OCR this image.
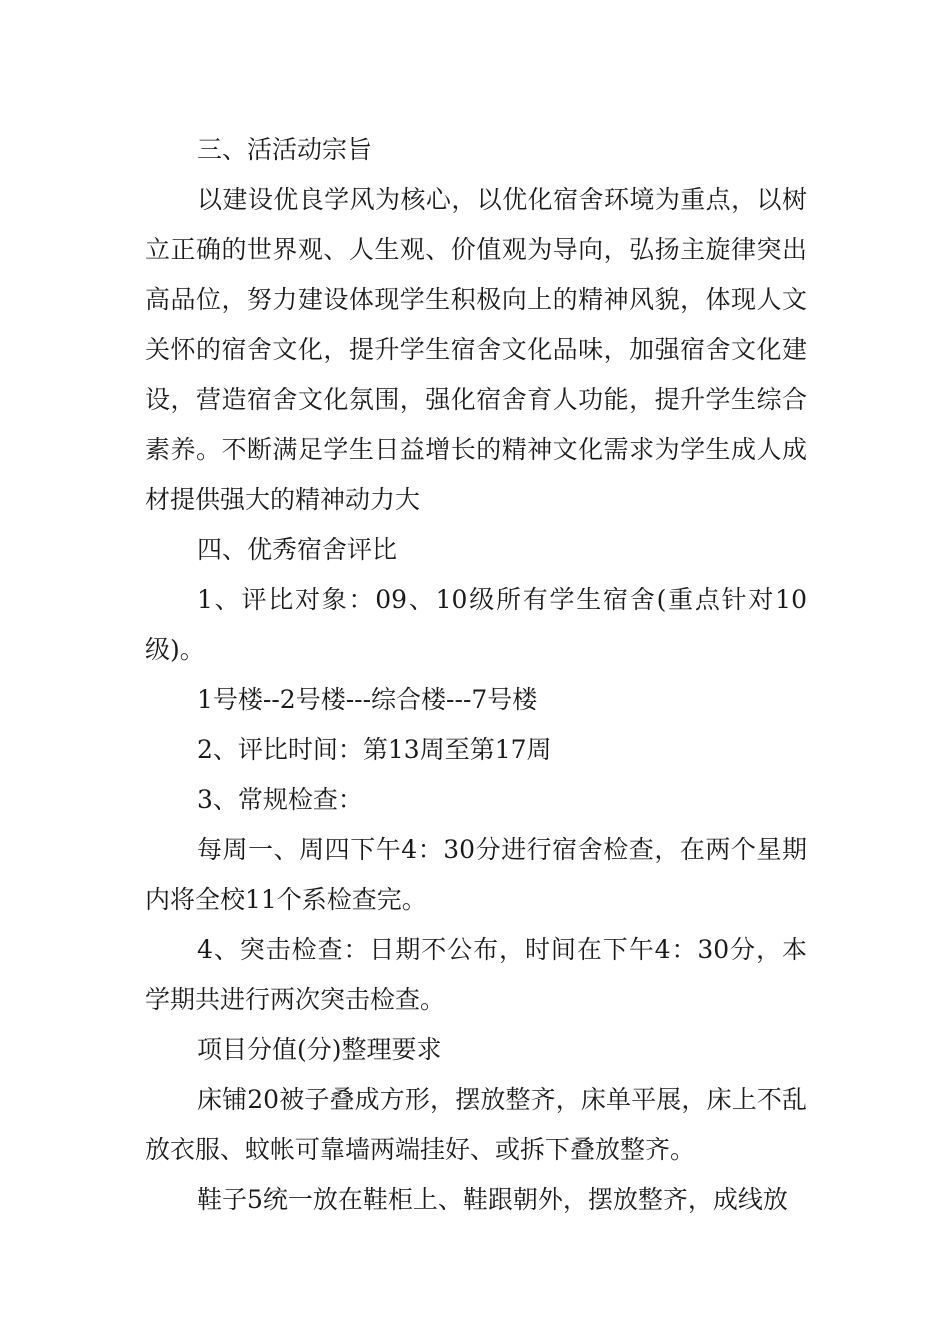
三、活活动宗旨

以建设优良学风为核心，以优化宿舍环境为重点，以树立正确的世界观、人生观、价值观为导向，弘扬主旋律突出高品位，努力建设体现学生积极向上的精神风貌，体现人文关怀的宿舍文化，提升学生宿舍文化品味，加强宿舍文化建设，营造宿舍文化氛围，强化宿舍育人功能，提升学生综合素养。不断满足学生日益增长的精神文化需求为学生成人成材提供强大的精神动力大

四、优秀宿舍评比

1、评比对象：09、10级所有学生宿舍(重点针对10级)。

1号楼--2号楼---综合楼---7号楼

2、评比时间：第13周至第17周

3、常规检查：

每周一、周四下午4：30分进行宿舍检查，在两个星期内将全校11个系检查完。

4、突击检查：日期不公布，时间在下午4：30分，本学期共进行两次突击检查。

项目分值(分)整理要求

床铺20被子叠成方形，摆放整齐，床单平展，床上不乱放衣服、蚊帐可靠墙两端挂好、或拆下叠放整齐。

鞋子5统一放在鞋柜上、鞋跟朝外，摆放整齐，成线放
